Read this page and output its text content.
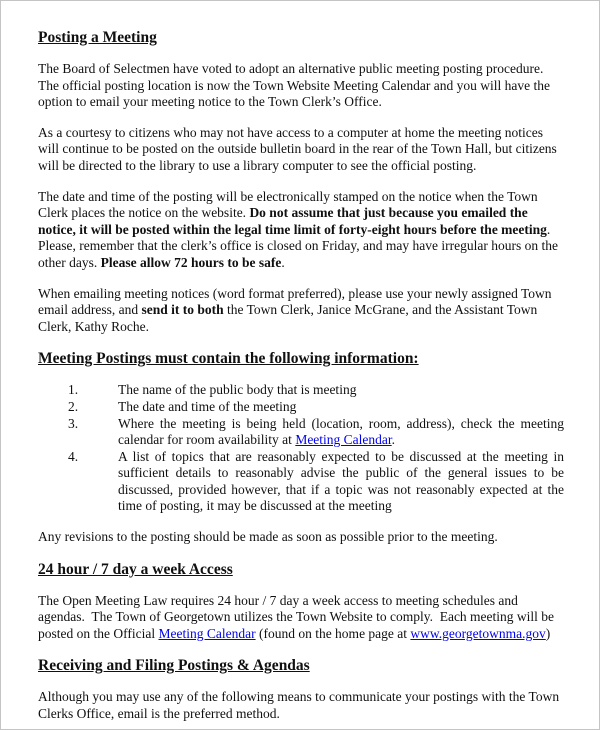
Posting a Meeting

The Board of Selectmen have voted to adopt an alternative public meeting posting procedure. The official posting location is now the Town Website Meeting Calendar and you will have the option to email your meeting notice to the Town Clerk’s Office.

As a courtesy to citizens who may not have access to a computer at home the meeting notices will continue to be posted on the outside bulletin board in the rear of the Town Hall, but citizens will be directed to the library to use a library computer to see the official posting.

The date and time of the posting will be electronically stamped on the notice when the Town Clerk places the notice on the website. Do not assume that just because you emailed the notice, it will be posted within the legal time limit of forty-eight hours before the meeting. Please, remember that the clerk’s office is closed on Friday, and may have irregular hours on the other days. Please allow 72 hours to be safe.

When emailing meeting notices (word format preferred), please use your newly assigned Town email address, and send it to both the Town Clerk, Janice McGrane, and the Assistant Town Clerk, Kathy Roche.

Meeting Postings must contain the following information:
1.	The name of the public body that is meeting
2.	The date and time of the meeting
3.	Where the meeting is being held (location, room, address), check the meeting calendar for room availability at Meeting Calendar.
4.	A list of topics that are reasonably expected to be discussed at the meeting in sufficient details to reasonably advise the public of the general issues to be discussed, provided however, that if a topic was not reasonably expected at the time of posting, it may be discussed at the meeting

Any revisions to the posting should be made as soon as possible prior to the meeting.

24 hour / 7 day a week Access

The Open Meeting Law requires 24 hour / 7 day a week access to meeting schedules and agendas.  The Town of Georgetown utilizes the Town Website to comply.  Each meeting will be posted on the Official Meeting Calendar (found on the home page at www.georgetownma.gov)

Receiving and Filing Postings & Agendas

Although you may use any of the following means to communicate your postings with the Town Clerks Office, email is the preferred method.
